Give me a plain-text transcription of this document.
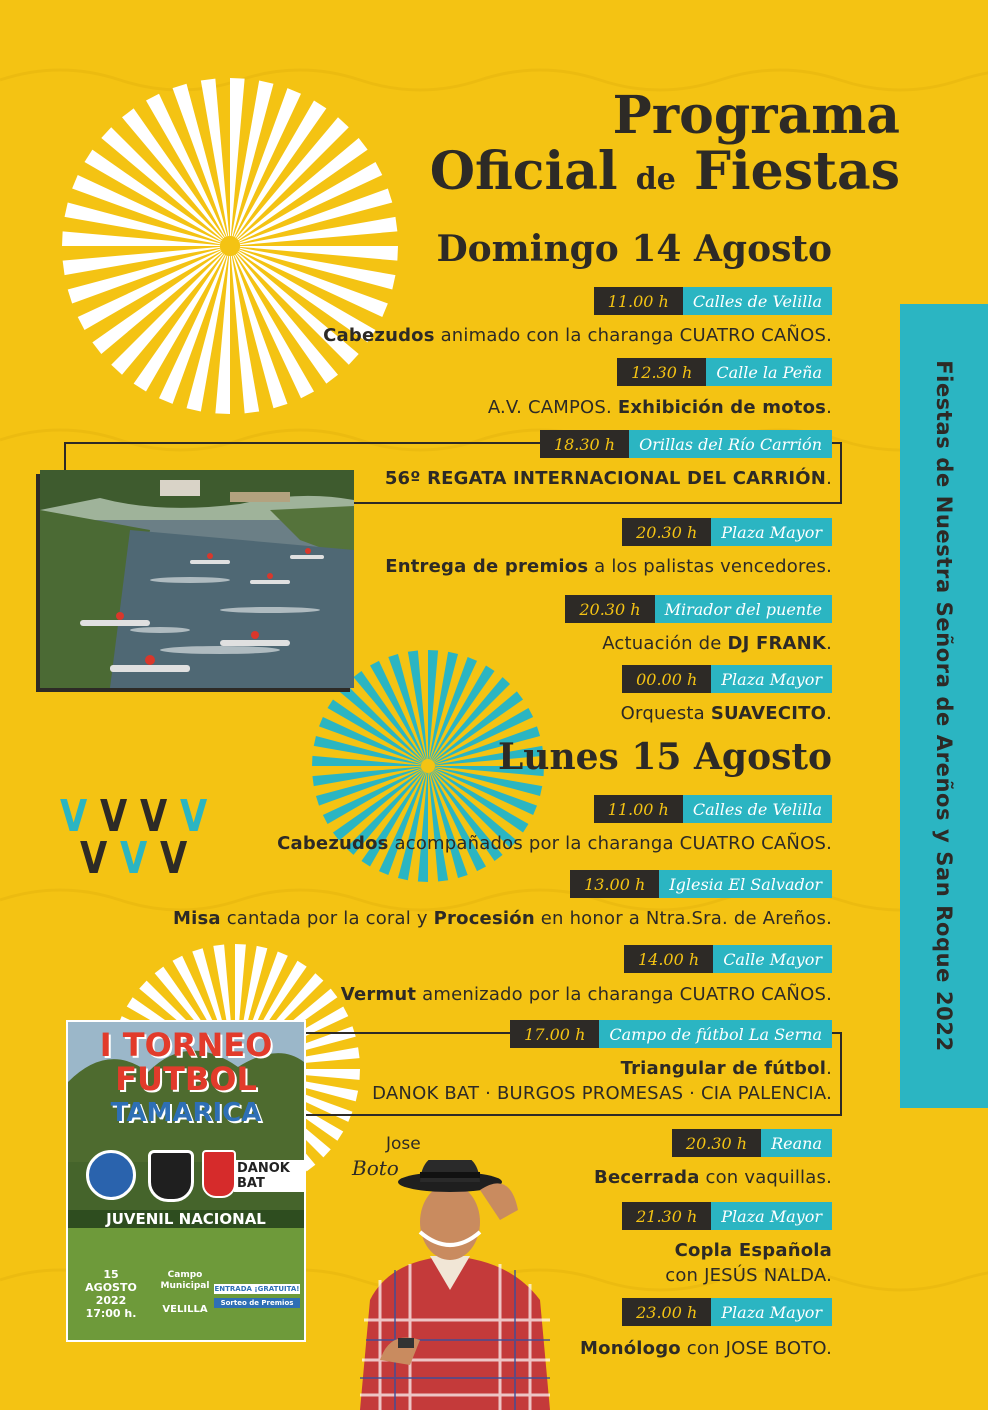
Programa
Oficial de Fiestas
Fiestas de Nuestra Señora de Areños y San Roque 2022
Domingo 14 Agosto
11.00 h	Calles de Velilla
Cabezudos animado con la charanga CUATRO CAÑOS.
12.30 h	Calle la Peña
A.V. CAMPOS. Exhibición de motos.
18.30 h	Orillas del Río Carrión
56º REGATA INTERNACIONAL DEL CARRIÓN.
20.30 h	Plaza Mayor
Entrega de premios a los palistas vencedores.
20.30 h	Mirador del puente
Actuación de DJ FRANK.
00.00 h	Plaza Mayor
Orquesta SUAVECITO.
V V V V
V V V
Lunes 15 Agosto
11.00 h	Calles de Velilla
Cabezudos acompañados por la charanga CUATRO CAÑOS.
13.00 h	Iglesia El Salvador
Misa cantada por la coral y Procesión en honor a Ntra.Sra. de Areños.
14.00 h	Calle Mayor
Vermut amenizado por la charanga CUATRO CAÑOS.
17.00 h	Campo de fútbol La Serna
Triangular de fútbol.
DANOK BAT · BURGOS PROMESAS · CIA PALENCIA.
20.30 h	Reana
Becerrada con vaquillas.
21.30 h	Plaza Mayor
Copla Española
con JESÚS NALDA.
23.00 h	Plaza Mayor
Monólogo con JOSE BOTO.
I TORNEO
FUTBOL
TAMARICA
DANOK BAT
JUVENIL NACIONAL
15
AGOSTO
2022
17:00 h.
Campo
Municipal
VELILLA
ENTRADA ¡GRATUITA!
Sorteo de Premios
Jose
Boto
